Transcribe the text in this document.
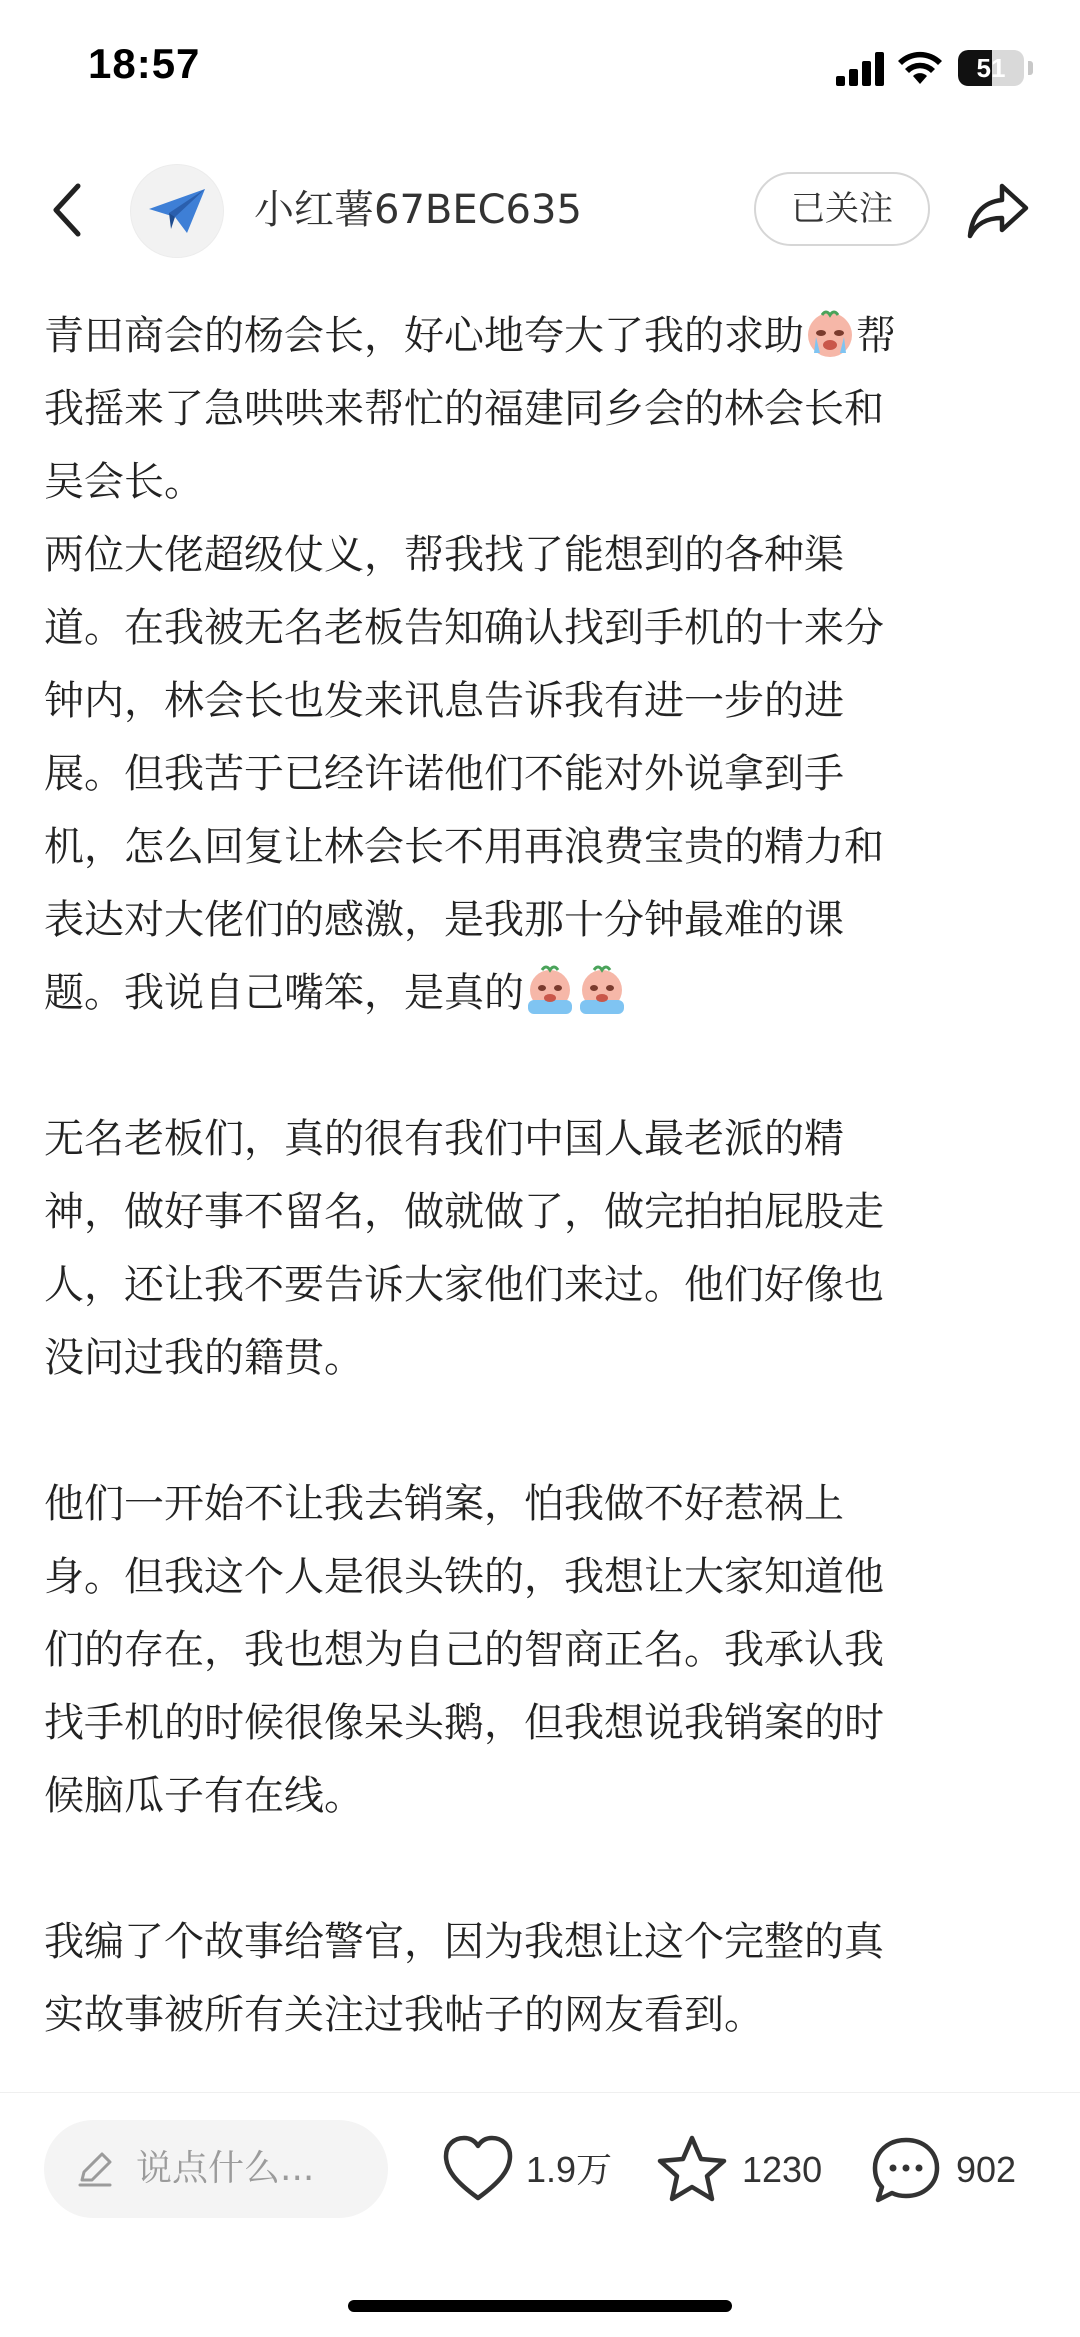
18:57	51
小红薯67BEC635	已关注

青田商会的杨会长，好心地夸大了我的求助 帮

我摇来了急哄哄来帮忙的福建同乡会的林会长和

吴会长。

两位大佬超级仗义，帮我找了能想到的各种渠

道。在我被无名老板告知确认找到手机的十来分

钟内，林会长也发来讯息告诉我有进一步的进

展。但我苦于已经许诺他们不能对外说拿到手

机，怎么回复让林会长不用再浪费宝贵的精力和

表达对大佬们的感激，是我那十分钟最难的课

题。我说自己嘴笨，是真的

无名老板们，真的很有我们中国人最老派的精

神，做好事不留名，做就做了，做完拍拍屁股走

人，还让我不要告诉大家他们来过。他们好像也

没问过我的籍贯。

他们一开始不让我去销案，怕我做不好惹祸上

身。但我这个人是很头铁的，我想让大家知道他

们的存在，我也想为自己的智商正名。我承认我

找手机的时候很像呆头鹅，但我想说我销案的时

候脑瓜子有在线。

我编了个故事给警官，因为我想让这个完整的真

实故事被所有关注过我帖子的网友看到。

说点什么...	1.9万	1230	902
